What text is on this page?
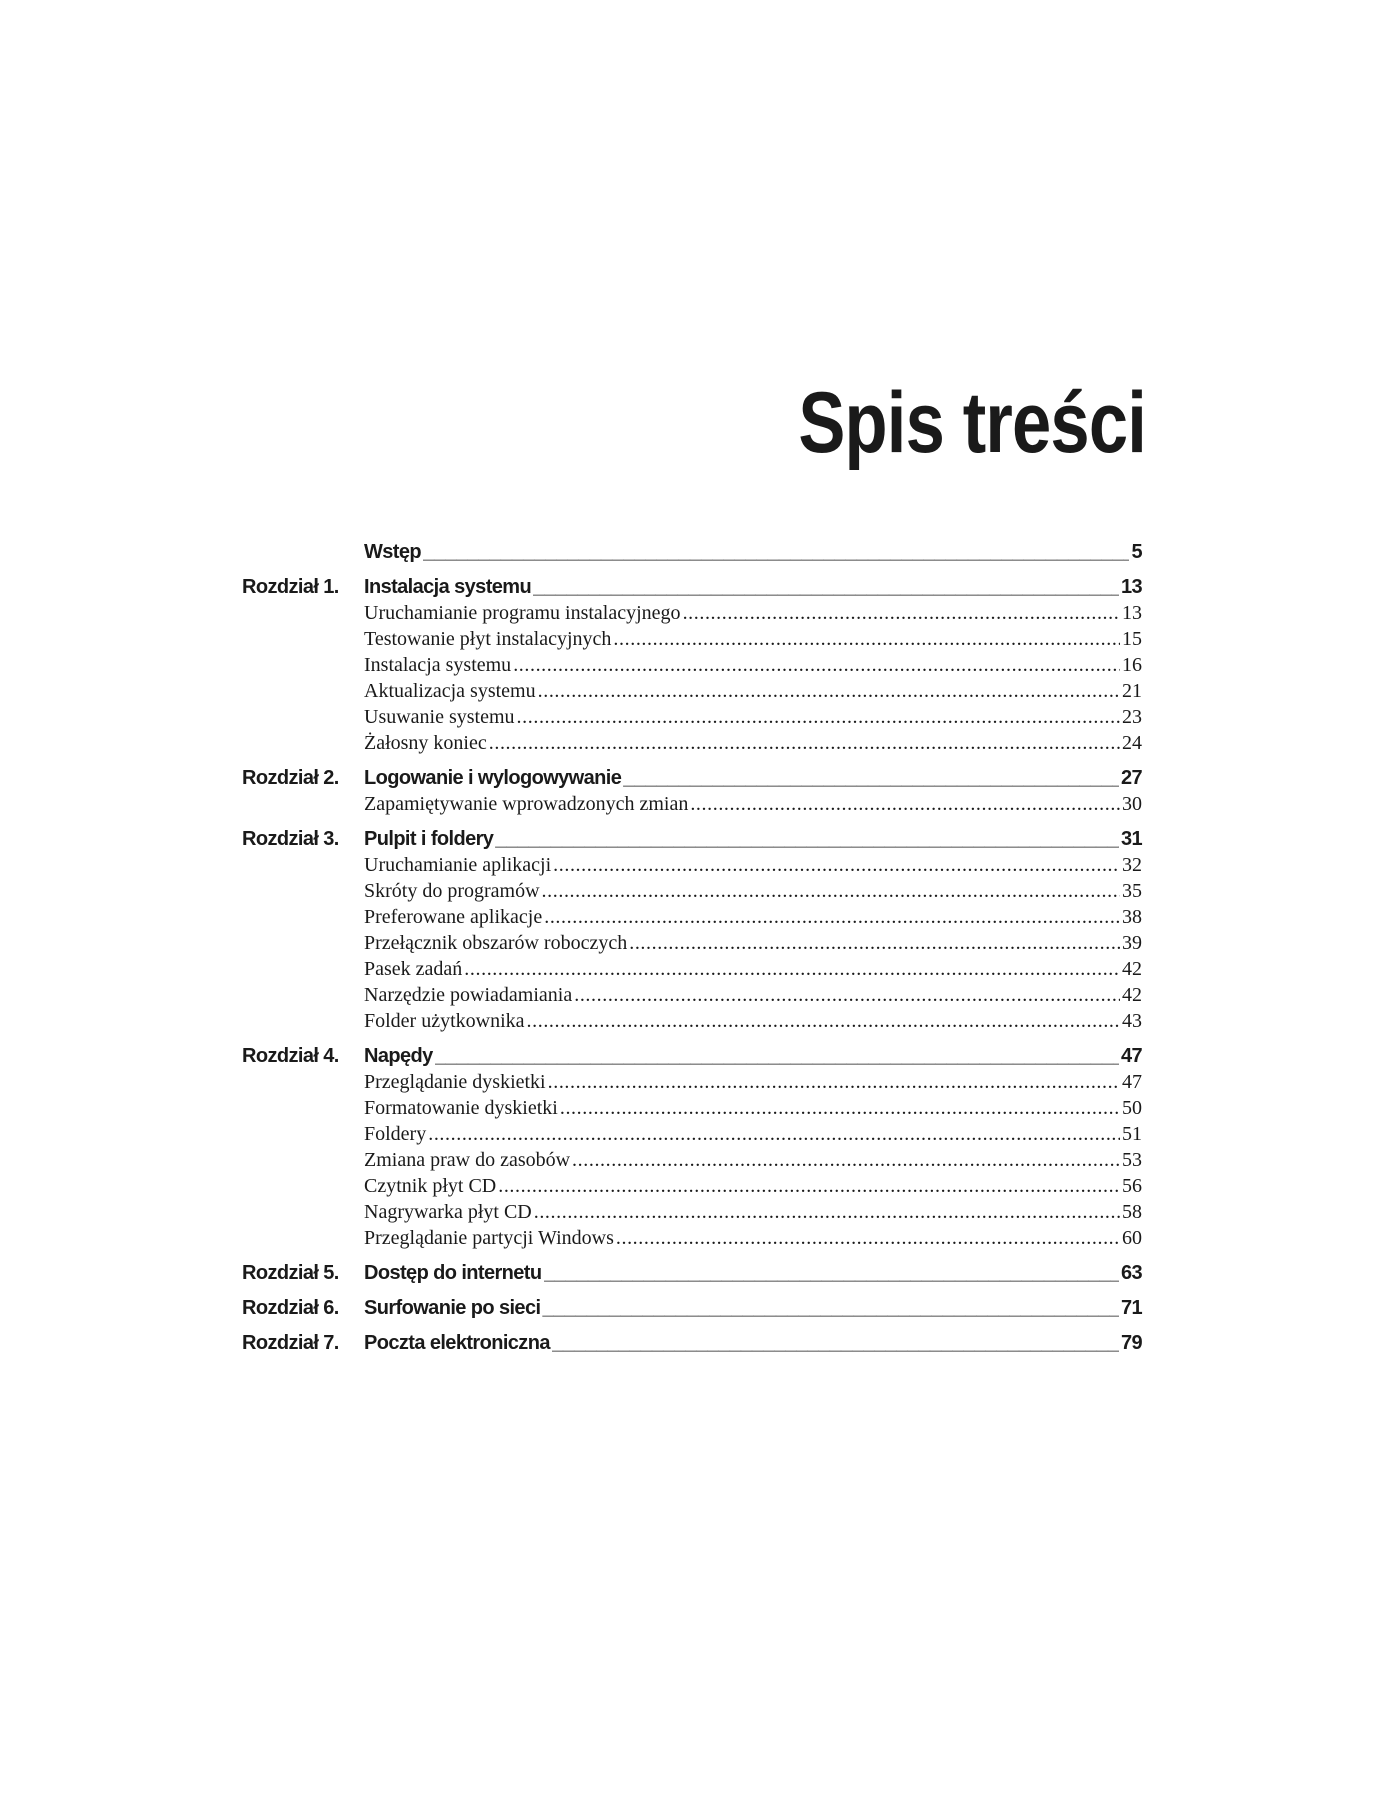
Spis treści
Wstęp _____	5
Rozdział 1.	Instalacja systemu _____	13
Uruchamianie programu instalacyjnego .....	13
Testowanie płyt instalacyjnych .....	15
Instalacja systemu .....	16
Aktualizacja systemu .....	21
Usuwanie systemu .....	23
Żałosny koniec .....	24
Rozdział 2.	Logowanie i wylogowywanie _____	27
Zapamiętywanie wprowadzonych zmian .....	30
Rozdział 3.	Pulpit i foldery _____	31
Uruchamianie aplikacji .....	32
Skróty do programów .....	35
Preferowane aplikacje .....	38
Przełącznik obszarów roboczych .....	39
Pasek zadań .....	42
Narzędzie powiadamiania .....	42
Folder użytkownika .....	43
Rozdział 4.	Napędy _____	47
Przeglądanie dyskietki .....	47
Formatowanie dyskietki .....	50
Foldery .....	51
Zmiana praw do zasobów .....	53
Czytnik płyt CD .....	56
Nagrywarka płyt CD .....	58
Przeglądanie partycji Windows .....	60
Rozdział 5.	Dostęp do internetu _____	63
Rozdział 6.	Surfowanie po sieci _____	71
Rozdział 7.	Poczta elektroniczna _____	79
